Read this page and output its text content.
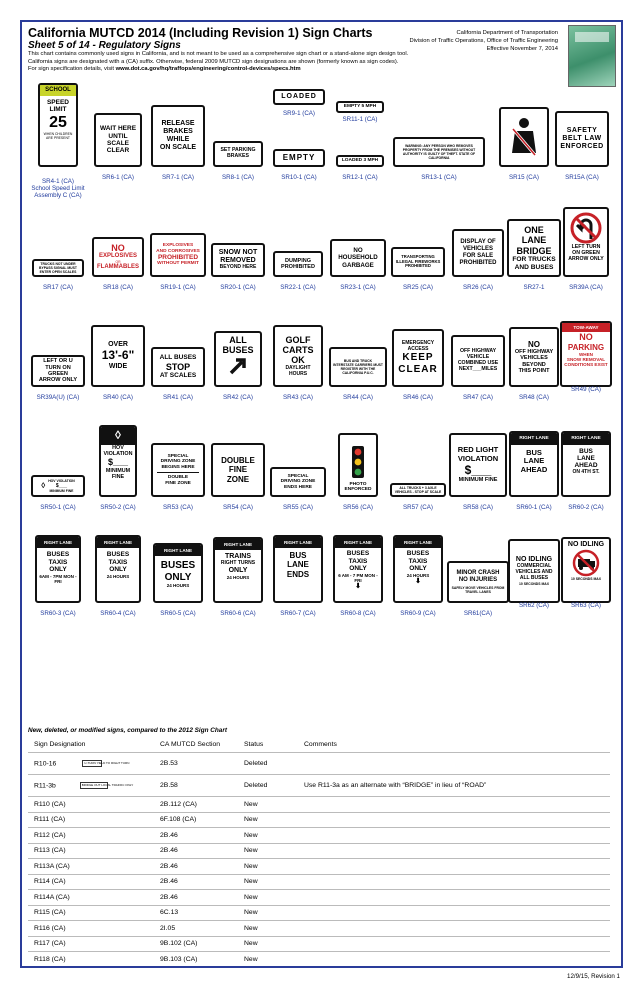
California MUTCD 2014 (Including Revision 1) Sign Charts
Sheet 5 of 14 - Regulatory Signs
This chart contains commonly used signs in California, and is not meant to be used as a comprehensive sign chart or a stand-alone sign design tool.
California signs are designated with a (CA) suffix. Otherwise, federal 2009 MUTCD sign designations are shown (formerly known as sign codes).
For sign specification details, visit www.dot.ca.gov/hq/traffops/engineering/control-devices/specs.htm
California Department of Transportation
Division of Traffic Operations, Office of Traffic Engineering
Effective November 7, 2014
SCHOOL
SPEED
LIMIT
25
WHEN CHILDREN ARE PRESENT
SR4-1 (CA)
School Speed Limit
Assembly C (CA)
WAIT HERE
UNTIL
SCALE
CLEAR
SR6-1 (CA)
RELEASE
BRAKES
WHILE
ON SCALE
SR7-1 (CA)
SET PARKING
BRAKES
SR8-1 (CA)
LOADED
SR9-1 (CA)
EMPTY
SR10-1 (CA)
EMPTY 5 MPH
SR11-1 (CA)
LOADED 3 MPH
SR12-1 (CA)
WARNING: ANY PERSON WHO REMOVES PROPERTY FROM THE PREMISES WITHOUT AUTHORITY IS GUILTY OF THEFT. STATE OF CALIFORNIA
SR13-1 (CA)	SR15 (CA)
SAFETY
BELT LAW
ENFORCED
SR15A (CA)
TRUCKS NOT UNDER BYPASS SIGNAL MUST ENTER OPEN SCALES
SR17 (CA)
NO
EXPLOSIVES
OR
FLAMMABLES
SR18 (CA)
EXPLOSIVES
AND CORROSIVES
PROHIBITED
WITHOUT PERMIT
SR19-1 (CA)
SNOW NOT
REMOVED
BEYOND HERE
SR20-1 (CA)
DUMPING
PROHIBITED
SR22-1 (CA)
NO
HOUSEHOLD
GARBAGE
SR23-1 (CA)
TRANSPORTING
ILLEGAL FIREWORKS
PROHIBITED
SR25 (CA)
DISPLAY OF
VEHICLES
FOR SALE
PROHIBITED
SR26 (CA)
ONE LANE
BRIDGE
FOR TRUCKS
AND BUSES
SR27-1
LEFT TURN
ON GREEN
ARROW ONLY
SR39A (CA)
LEFT OR U
TURN ON GREEN
ARROW ONLY
SR39A(U) (CA)
OVER
13'-6"
WIDE
SR40 (CA)
ALL BUSES
STOP
AT SCALES
SR41 (CA)
ALL
BUSES
SR42 (CA)
GOLF
CARTS
OK
DAYLIGHT
HOURS
SR43 (CA)
BUS AND TRUCK
INTERSTATE CARRIERS MUST REGISTER WITH THE CALIFORNIA P.U.C.
SR44 (CA)
EMERGENCY
ACCESS
KEEP
CLEAR
SR46 (CA)
OFF HIGHWAY
VEHICLE
COMBINED USE
NEXT___MILES
SR47 (CA)
NO
OFF HIGHWAY
VEHICLES
BEYOND
THIS POINT
SR48 (CA)
TOW-AWAY
NO
PARKING
WHEN
SNOW REMOVAL CONDITIONS EXIST
SR49 (CA)
◊
HOV VIOLATION
$___
MINIMUM FINE
SR50-1 (CA)
◊
HOV
VIOLATION
$___
MINIMUM
FINE
SR50-2 (CA)
SPECIAL
DRIVING ZONE
BEGINS HERE
DOUBLE
FINE ZONE
SR53 (CA)
DOUBLE
FINE
ZONE
SR54 (CA)
SPECIAL
DRIVING ZONE
ENDS HERE
SR55 (CA)
PHOTO
ENFORCED
SR56 (CA)
ALL TRUCKS + 3 AXLE
VEHICLES - STOP AT SCALE
SR57 (CA)
RED LIGHT
VIOLATION
$___
MINIMUM FINE
SR58 (CA)
RIGHT LANE
BUS
LANE
AHEAD
SR60-1 (CA)
RIGHT LANE
BUS
LANE
AHEAD
ON 4TH ST.
SR60-2 (CA)
RIGHT LANE
BUSES
TAXIS
ONLY
6AM - 7PM MON - FRI
SR60-3 (CA)
RIGHT LANE
BUSES
TAXIS
ONLY
24 HOURS
SR60-4 (CA)
RIGHT LANE
BUSES
ONLY
24 HOURS
SR60-5 (CA)
RIGHT LANE
TRAINS
RIGHT TURNS
ONLY
24 HOURS
SR60-6 (CA)
RIGHT LANE
BUS
LANE
ENDS
SR60-7 (CA)
RIGHT LANE
BUSES
TAXIS
ONLY
6 AM - 7 PM MON - FRI
⬇
SR60-8 (CA)
RIGHT LANE
BUSES
TAXIS
ONLY
24 HOURS
⬇
SR60-9 (CA)
MINOR CRASH
NO INJURIES
SAFELY MOVE VEHICLES FROM TRAVEL LANES
SR61(CA)
NO IDLING
COMMERCIAL
VEHICLES AND
ALL BUSES
10 SECONDS MAX
SR62 (CA)
NO IDLING
10 SECONDS MAX
SR63 (CA)
New, deleted, or modified signs, compared to the 2012 Sign Chart
Sign Designation	CA MUTCD Section	Status	Comments
R10-16 U-TURN YIELD TO RIGHT TURN	2B.53	Deleted	
R11-3b BRIDGE OUT LOCAL TRAFFIC ONLY	2B.58	Deleted	Use R11-3a as an alternate with “BRIDGE” in lieu of “ROAD”
R110 (CA)	2B.112 (CA)	New	
R111 (CA)	6F.108 (CA)	New	
R112 (CA)	2B.46	New	
R113 (CA)	2B.46	New	
R113A (CA)	2B.46	New	
R114 (CA)	2B.46	New	
R114A (CA)	2B.46	New	
R115 (CA)	6C.13	New	
R116 (CA)	2I.05	New	
R117 (CA)	9B.102 (CA)	New	
R118 (CA)	9B.103 (CA)	New	
12/9/15, Revision 1
